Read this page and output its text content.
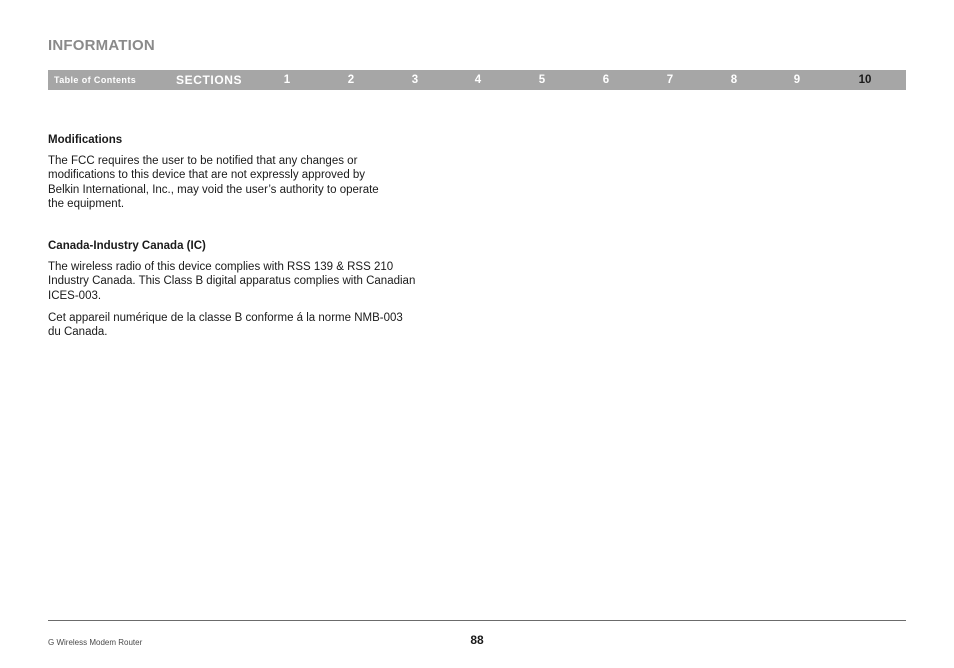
INFORMATION
Table of Contents	SECTIONS	1	2	3	4	5	6	7	8	9	10
Modifications

The FCC requires the user to be notified that any changes or
modifications to this device that are not expressly approved by
Belkin International, Inc., may void the user’s authority to operate
the equipment.

Canada-Industry Canada (IC)

The wireless radio of this device complies with RSS 139 & RSS 210
Industry Canada. This Class B digital apparatus complies with Canadian
ICES-003.

Cet appareil numérique de la classe B conforme á la norme NMB-003
du Canada.

G Wireless Modem Router	88
